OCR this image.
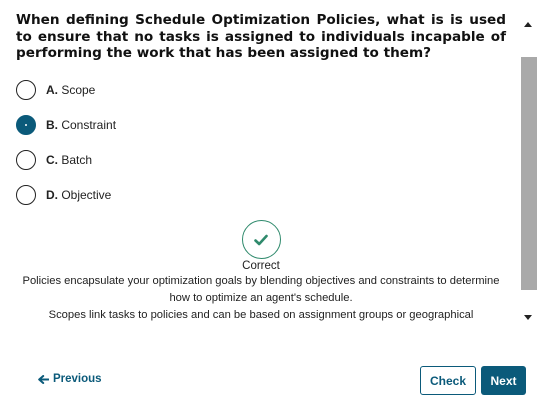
When defining Schedule Optimization Policies, what is is used to ensure that no tasks is assigned to individuals incapable of performing the work that has been assigned to them?

A. Scope
B. Constraint
C. Batch
D. Objective
Correct

Policies encapsulate your optimization goals by blending objectives and constraints to determine how to optimize an agent's schedule.

Scopes link tasks to policies and can be based on assignment groups or geographical

Previous	Check	Next
